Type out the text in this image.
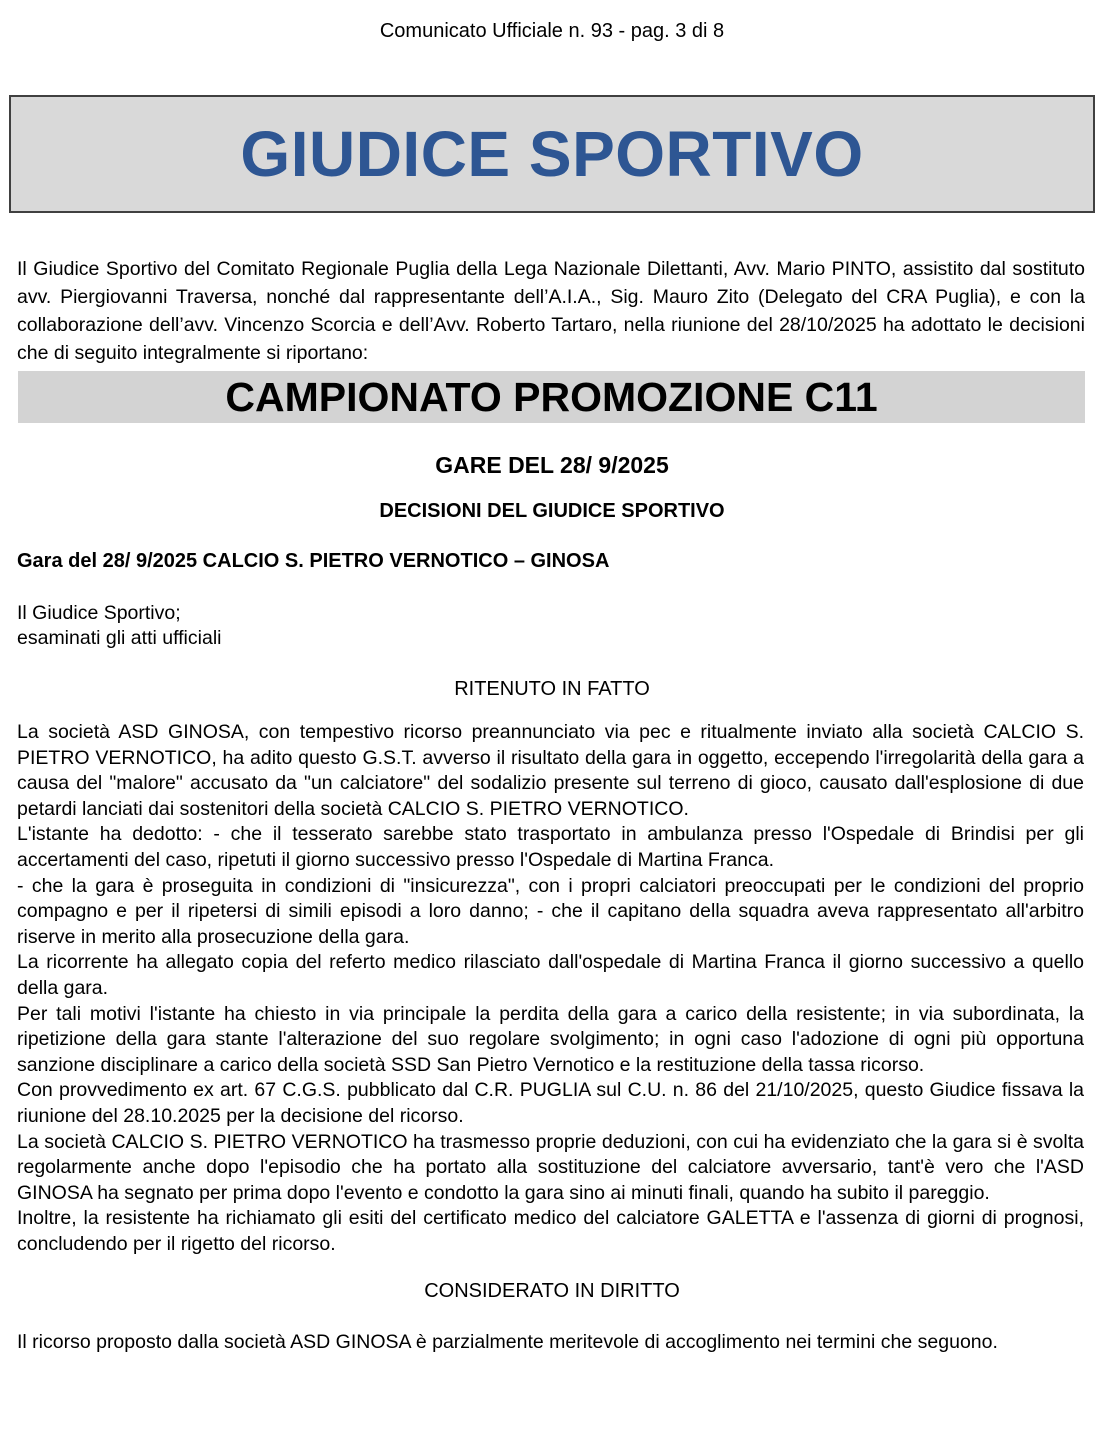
Comunicato Ufficiale n. 93 - pag. 3 di 8
GIUDICE SPORTIVO

Il Giudice Sportivo del Comitato Regionale Puglia della Lega Nazionale Dilettanti, Avv. Mario PINTO, assistito dal sostituto avv. Piergiovanni Traversa, nonché dal rappresentante dell’A.I.A., Sig. Mauro Zito (Delegato del CRA Puglia), e con la collaborazione dell’avv. Vincenzo Scorcia e dell’Avv. Roberto Tartaro, nella riunione del 28/10/2025 ha adottato le decisioni che di seguito integralmente si riportano:

CAMPIONATO PROMOZIONE C11
GARE DEL 28/ 9/2025
DECISIONI DEL GIUDICE SPORTIVO
Gara del 28/ 9/2025 CALCIO S. PIETRO VERNOTICO – GINOSA
Il Giudice Sportivo;
esaminati gli atti ufficiali
RITENUTO IN FATTO

La società ASD GINOSA, con tempestivo ricorso preannunciato via pec e ritualmente inviato alla società CALCIO S. PIETRO VERNOTICO, ha adito questo G.S.T. avverso il risultato della gara in oggetto, eccependo l'irregolarità della gara a causa del "malore" accusato da "un calciatore" del sodalizio presente sul terreno di gioco, causato dall'esplosione di due petardi lanciati dai sostenitori della società CALCIO S. PIETRO VERNOTICO.

L'istante ha dedotto: - che il tesserato sarebbe stato trasportato in ambulanza presso l'Ospedale di Brindisi per gli accertamenti del caso, ripetuti il giorno successivo presso l'Ospedale di Martina Franca.

- che la gara è proseguita in condizioni di "insicurezza", con i propri calciatori preoccupati per le condizioni del proprio compagno e per il ripetersi di simili episodi a loro danno; - che il capitano della squadra aveva rappresentato all'arbitro riserve in merito alla prosecuzione della gara.

La ricorrente ha allegato copia del referto medico rilasciato dall'ospedale di Martina Franca il giorno successivo a quello della gara.

Per tali motivi l'istante ha chiesto in via principale la perdita della gara a carico della resistente; in via subordinata, la ripetizione della gara stante l'alterazione del suo regolare svolgimento; in ogni caso l'adozione di ogni più opportuna sanzione disciplinare a carico della società SSD San Pietro Vernotico e la restituzione della tassa ricorso.

Con provvedimento ex art. 67 C.G.S. pubblicato dal C.R. PUGLIA sul C.U. n. 86 del 21/10/2025, questo Giudice fissava la riunione del 28.10.2025 per la decisione del ricorso.

La società CALCIO S. PIETRO VERNOTICO ha trasmesso proprie deduzioni, con cui ha evidenziato che la gara si è svolta regolarmente anche dopo l'episodio che ha portato alla sostituzione del calciatore avversario, tant'è vero che l'ASD GINOSA ha segnato per prima dopo l'evento e condotto la gara sino ai minuti finali, quando ha subito il pareggio.

Inoltre, la resistente ha richiamato gli esiti del certificato medico del calciatore GALETTA e l'assenza di giorni di prognosi, concludendo per il rigetto del ricorso.

CONSIDERATO IN DIRITTO

Il ricorso proposto dalla società ASD GINOSA è parzialmente meritevole di accoglimento nei termini che seguono.
